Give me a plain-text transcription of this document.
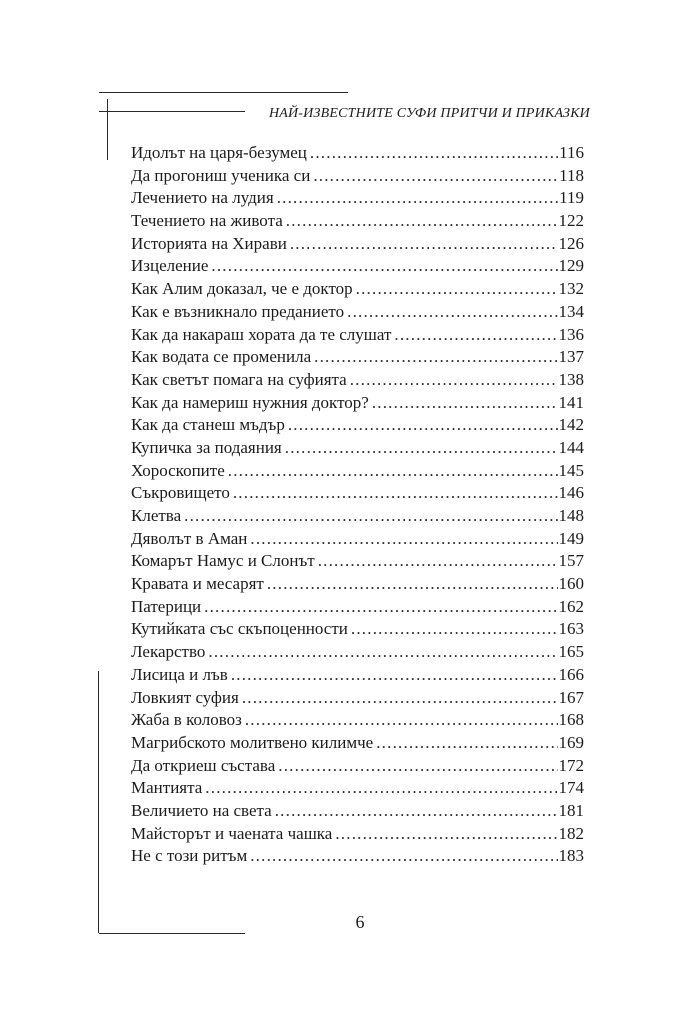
НАЙ-ИЗВЕСТНИТЕ СУФИ ПРИТЧИ И ПРИКАЗКИ
Идолът на царя-безумец .....	116
Да прогониш ученика си .....	118
Лечението на лудия .....	119
Течението на живота .....	122
Историята на Хирави .....	126
Изцеление .....	129
Как Алим доказал, че е доктор .....	132
Как е възникнало преданието .....	134
Как да накараш хората да те слушат .....	136
Как водата се променила .....	137
Как светът помага на суфията .....	138
Как да намериш нужния доктор? .....	141
Как да станеш мъдър .....	142
Купичка за подаяния .....	144
Хороскопите .....	145
Съкровището .....	146
Клетва .....	148
Дяволът в Аман .....	149
Комарът Намус и Слонът .....	157
Кравата и месарят .....	160
Патерици .....	162
Кутийката със скъпоценности .....	163
Лекарство .....	165
Лисица и лъв .....	166
Ловкият суфия .....	167
Жаба в коловоз .....	168
Магрибското молитвено килимче .....	169
Да откриеш състава .....	172
Мантията .....	174
Величието на света .....	181
Майсторът и чаената чашка .....	182
Не с този ритъм .....	183
6
